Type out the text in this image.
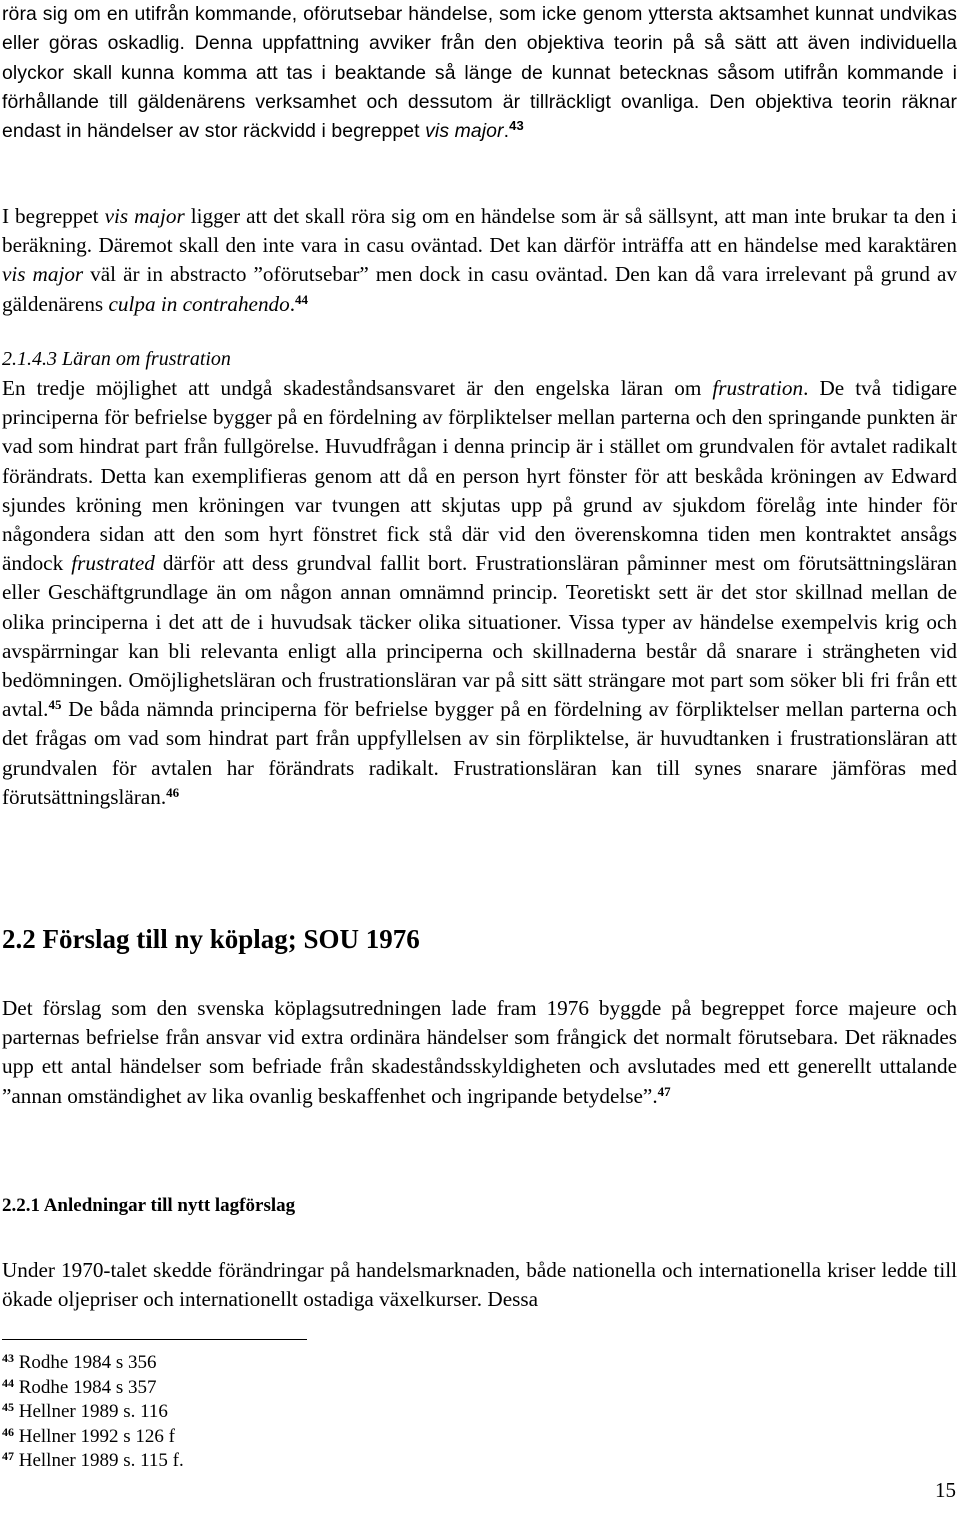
röra sig om en utifrån kommande, oförutsebar händelse, som icke genom yttersta aktsamhet kunnat undvikas eller göras oskadlig. Denna uppfattning avviker från den objektiva teorin på så sätt att även individuella olyckor skall kunna komma att tas i beaktande så länge de kunnat betecknas såsom utifrån kommande i förhållande till gäldenärens verksamhet och dessutom är tillräckligt ovanliga. Den objektiva teorin räknar endast in händelser av stor räckvidd i begreppet vis major.$^{43}$

I begreppet vis major ligger att det skall röra sig om en händelse som är så sällsynt, att man inte brukar ta den i beräkning. Däremot skall den inte vara in casu oväntad. Det kan därför inträffa att en händelse med karaktären vis major väl är in abstracto ”oförutsebar” men dock in casu oväntad. Den kan då vara irrelevant på grund av gäldenärens culpa in contrahendo.$^{44}$

2.1.4.3 Läran om frustration

En tredje möjlighet att undgå skadeståndsansvaret är den engelska läran om frustration. De två tidigare principerna för befrielse bygger på en fördelning av förpliktelser mellan parterna och den springande punkten är vad som hindrat part från fullgörelse. Huvudfrågan i denna princip är i stället om grundvalen för avtalet radikalt förändrats. Detta kan exemplifieras genom att då en person hyrt fönster för att beskåda kröningen av Edward sjundes kröning men kröningen var tvungen att skjutas upp på grund av sjukdom förelåg inte hinder för någondera sidan att den som hyrt fönstret fick stå där vid den överenskomna tiden men kontraktet ansågs ändock frustrated därför att dess grundval fallit bort. Frustrationsläran påminner mest om förutsättningsläran eller Geschäftgrundlage än om någon annan omnämnd princip. Teoretiskt sett är det stor skillnad mellan de olika principerna i det att de i huvudsak täcker olika situationer. Vissa typer av händelse exempelvis krig och avspärrningar kan bli relevanta enligt alla principerna och skillnaderna består då snarare i strängheten vid bedömningen. Omöjlighetsläran och frustrationsläran var på sitt sätt strängare mot part som söker bli fri från ett avtal.$^{45}$ De båda nämnda principerna för befrielse bygger på en fördelning av förpliktelser mellan parterna och det frågas om vad som hindrat part från uppfyllelsen av sin förpliktelse, är huvudtanken i frustrationsläran att grundvalen för avtalen har förändrats radikalt. Frustrationsläran kan till synes snarare jämföras med förutsättningsläran.$^{46}$

2.2 Förslag till ny köplag; SOU 1976

Det förslag som den svenska köplagsutredningen lade fram 1976 byggde på begreppet force majeure och parternas befrielse från ansvar vid extra ordinära händelser som frångick det normalt förutsebara. Det räknades upp ett antal händelser som befriade från skadeståndsskyldigheten och avslutades med ett generellt uttalande ”annan omständighet av lika ovanlig beskaffenhet och ingripande betydelse”.$^{47}$

2.2.1 Anledningar till nytt lagförslag

Under 1970-talet skedde förändringar på handelsmarknaden, både nationella och internationella kriser ledde till ökade oljepriser och internationellt ostadiga växelkurser. Dessa

$^{43}$ Rodhe 1984 s 356
$^{44}$ Rodhe 1984 s 357
$^{45}$ Hellner 1989 s. 116
$^{46}$ Hellner 1992 s 126 f
$^{47}$ Hellner 1989 s. 115 f.
15
